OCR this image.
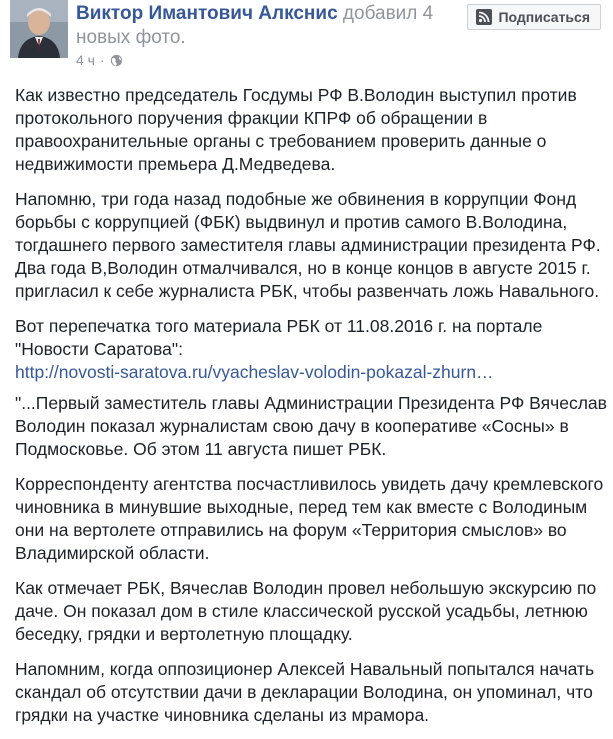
Виктор Имантович Алкснис добавил 4 новых фото.
4 ч ·
Подписаться

Как известно председатель Госдумы РФ В.Володин выступил против протокольного поручения фракции КПРФ об обращении в правоохранительные органы с требованием проверить данные о недвижимости премьера Д.Медведева.

Напомню, три года назад подобные же обвинения в коррупции Фонд борьбы с коррупцией (ФБК) выдвинул и против самого В.Володина, тогдашнего первого заместителя главы администрации президента РФ. Два года В,Володин отмалчивался, но в конце концов в августе 2015 г. пригласил к себе журналиста РБК, чтобы развенчать ложь Навального.

Вот перепечатка того материала РБК от 11.08.2016 г. на портале "Новости Саратова":
http://novosti-saratova.ru/vyacheslav-volodin-pokazal-zhurn…

"...Первый заместитель главы Администрации Президента РФ Вячеслав Володин показал журналистам свою дачу в кооперативе «Сосны» в Подмосковье. Об этом 11 августа пишет РБК.

Корреспонденту агентства посчастливилось увидеть дачу кремлевского чиновника в минувшие выходные, перед тем как вместе с Володиным они на вертолете отправились на форум «Территория смыслов» во Владимирской области.

Как отмечает РБК, Вячеслав Володин провел небольшую экскурсию по даче. Он показал дом в стиле классической русской усадьбы, летнюю беседку, грядки и вертолетную площадку.

Напомним, когда оппозиционер Алексей Навальный попытался начать скандал об отсутствии дачи в декларации Володина, он упоминал, что грядки на участке чиновника сделаны из мрамора.
